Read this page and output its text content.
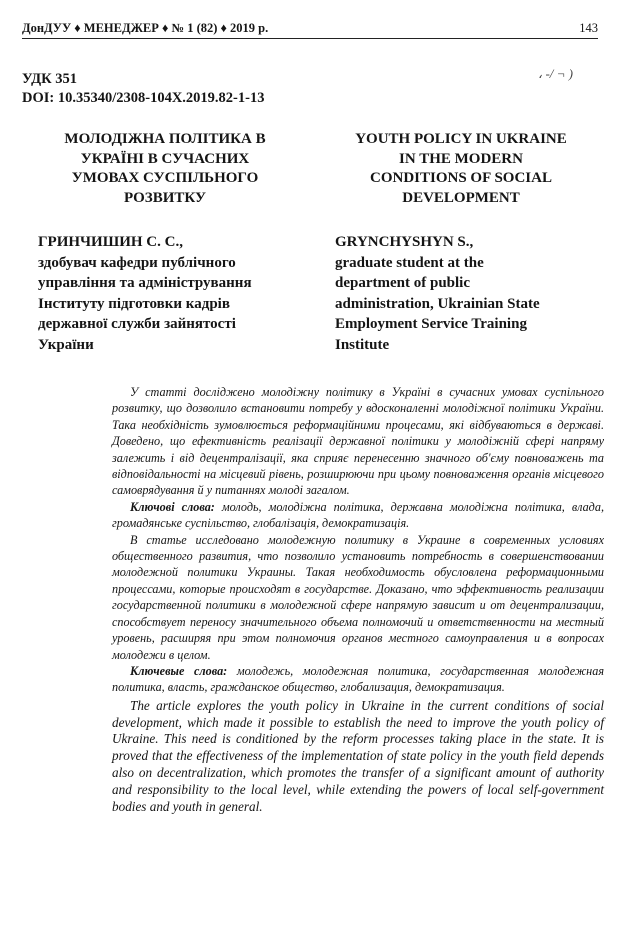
ДонДУУ ♦ МЕНЕДЖЕР ♦ № 1 (82) ♦ 2019 р.	143
УДК 351
DOI: 10.35340/2308-104X.2019.82-1-13
، -/ ¬ )
МОЛОДІЖНА ПОЛІТИКА В
УКРАЇНІ В СУЧАСНИХ
УМОВАХ СУСПІЛЬНОГО
РОЗВИТКУ
YOUTH POLICY IN UKRAINE
IN THE MODERN
CONDITIONS OF SOCIAL
DEVELOPMENT
ГРИНЧИШИН С. С.,
здобувач кафедри публічного
управління та адміністрування
Інституту підготовки кадрів
державної служби зайнятості
України
GRYNCHYSHYN S.,
graduate student at the
department of public
administration, Ukrainian State
Employment Service Training
Institute

У статті досліджено молодіжну політику в Україні в сучасних умовах суспільного розвитку, що дозволило встановити потребу у вдосконаленні молодіжної політики України. Така необхідність зумовлюється реформаційними процесами, які відбуваються в державі. Доведено, що ефективність реалізації державної політики у молодіжній сфері напряму залежить і від децентралізації, яка сприяє перенесенню значного об'єму повноважень та відповідальності на місцевий рівень, розширюючи при цьому повноваження органів місцевого самоврядування й у питаннях молоді загалом.

Ключові слова: молодь, молодіжна політика, державна молодіжна політика, влада, громадянське суспільство, глобалізація, демократизація.

В статье исследовано молодежную политику в Украине в современных условиях общественного развития, что позволило установить потребность в совершенствовании молодежной политики Украины. Такая необходимость обусловлена реформационными процессами, которые происходят в государстве. Доказано, что эффективность реализации государственной политики в молодежной сфере напрямую зависит и от децентрализации, способствует переносу значительного объема полномочий и ответственности на местный уровень, расширяя при этом полномочия органов местного самоуправления и в вопросах молодежи в целом.

Ключевые слова: молодежь, молодежная политика, государственная молодежная политика, власть, гражданское общество, глобализация, демократизация.

The article explores the youth policy in Ukraine in the current conditions of social development, which made it possible to establish the need to improve the youth policy of Ukraine. This need is conditioned by the reform processes taking place in the state. It is proved that the effectiveness of the implementation of state policy in the youth field depends also on decentralization, which promotes the transfer of a significant amount of authority and responsibility to the local level, while extending the powers of local self-government bodies and youth in general.
